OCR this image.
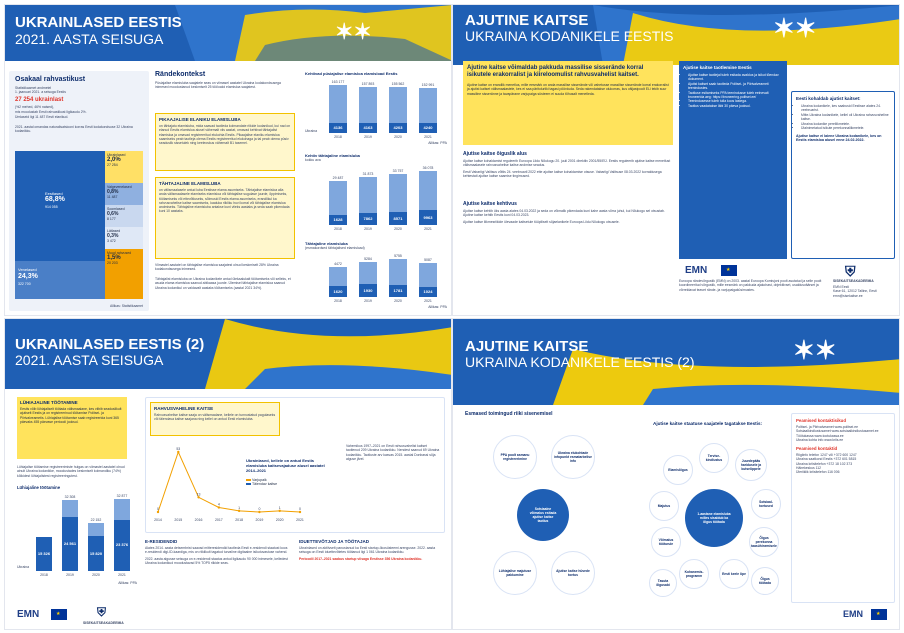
UKRAINLASED EESTIS
2021. AASTA SEISUGA	✶✶
Osakaal rahvastikust
Statistikaamet andmetel
1. jaanuari 2021. a seisuga Eestis
27 254 ukrainlast
(%2 mehed, 46% naised),
mis moodustab Eesti rahvastikust ligikaudu 2%.
Ümlaseid ligi 11 487 Eesti elanikud.
2021. aastal omandas naturalisatsiooni korras Eesti kodakondsuse 32 Ukraina kodanikku.
Eestlased
68,8%
914 055
Venelased
24,3%
322 700
Ukrainlased
2,0%
27 254
Valgevenelased
0,8%
11 487
Soomlased
0,6%
8 177
Lätlased
0,3%
3 472
Muud rahvused
1,5%
20 203
Allikas: Statistikaamet
Rändekontekst
Püsiajalise elamisluba saajatele seas on viimasel aastatel Ukraina kodakondsusega inimesed moodustanud keskmiselt 25 tööloaloi elamisloa saajatest.
PIKAAJALISE ELANIKU ELAMISLUBA
on tähtajatu elamisluba, mida saavad taotleda kolmandate riikide kodanikud, kui nad on elanud Eestis elamisloa alusel vähemalt viis aastat, omavad kehtivat tähtajalist elamisloa ja omavad registreeritud elukohta Eestis. Pikaajalise elaniku elamisloa saamiseks peab taotleja olema Eestis registreeritud elukohaga ja tal peab olema püsiv seaduslik sissetulek ning keeleoskus vähemalt B1 tasemel.
TÄHTAJALINE ELAMISLUBA
on välismaalasele antud luba Eestisse elama asumiseks. Tähtajalise elamisloa alla anda välismaalasele elamiseks elamisloa või tähtajalise sugulase juurde, õppimiseks, töötamiseks või ettevõtluseks, sõlmusid Eestis elama asumiseks, erandlikul ka rahvusvahelise kaitse saamiseks, kaaluka riikliku huvi korral või tähtajalise elamisloa andmiseks. Tähtajaline elamisluba antakse kuni viieks aastaks ja seda saab pikendada kuni 10 aastaks.
Viimastel aastatel on tähtajalise elamisloa saajatest olnud keskmiselt 28% Ukraina kodakondsusega inimesed.
Tähtajalist elamisluba on Ukraina kodanikele antud ülekaalukalt töötamiseks või selleks, et asuda elama elamisloa saanud abikaasa juurde. Ülemisel tähtajalise elamisloa saanud Ukraina kodanikul on valdavalt aastaks töötamiseks (aastal 2021 34%).
Kehtivad püsiajalise elamisloa elamisload Eestis
163 177
4136
2018
157 893
4163
2019
155 562
4203
2020
152 991
4240
2021
Ukraina
Allikas: PPA
Kehtiv tähtajaline elamisluba
kokku ava
29 487
1628
2018
31 873
7862
2019
33 757
8571
2020
36 078
9963
2021
Tähtajaline elamisluba
(esmakordsed tähtajalised elamisload)
4472
1620
2018
5284
1930
2019
5755
1781
2020
5087
1024
2021
Allikas: PPA
AJUTINE KAITSE
UKRAINA KODANIKELE EESTIS	✶✶
Ajutine kaitse võimaldab pakkuda massilise sisserände korral isikutele erakorralist ja kiireloomulist rahvusvahelist kaitset.
Ajutine kaitse on erandlik menetlus, mille eesmärk on anda massilise sisserände või vahetusse massilise sisserände korral erakorralist ja ajutist kaitset välismaalastele, kes ei saa päritoluriiki tagasi pöörduda. Seda rakendatakse olukorras, kus väljastpoolt ELi tekib suur massiline sisseränne ja tavapärane varjupaiga süsteem ei suuda tõhusalt menetleda.
Ajutise kaitse õiguslik alus
Ajutise kaitse kohaldamist reguleerib Euroopa Liidu Nõukogu 20. juuli 2001 direktiiv 2001/55/EÜ. Eestis reguleerib ajutise kaitse menetlust välismaalasele rahvusvahelise kaitse andmise seadus.
Eesti Vabariigi Valitsus võttis 24. veebruaril 2022 ette ajutise kaitse kohaldamise otsuse. Vabariigi Valitsuse 08.03.2022 korraldusega kehtestati ajutise kaitse saamise tingimused.
Ajutise kaitse kehtivus
Ajutise kaitse kehtib üks aasta alates 04.03.2022 ja seda on võimalik pikendada kuni kahe aasta võrra juhul, kui Nõukogu sel otsustab. Ajutine kaitse kehtib Eestis kuni 04.03.2023.
Ajutise kaitse liikmesriikide ülevaade kaitsetule tüüpiliselt sõjaelanikele Euroopa Liidu Nõukogu otsusele.
Ajutise kaitse taotlemine Eestis
• Ajutise kaitse taotlejal tuleb esitada avaldus ja isikut tõendav dokument.
• Ajutist kaitset saab taotleda Politsei- ja Piirivalveameti teenindustes.
• Taotluse esitamiseks PPA teenindusse tuleb eelnevalt broneerida aeg: https://broneering.politsei.ee/
• Teenindusesse tuleb tulla koos lastega.
• Taotlus vaadatakse läbi 30 päeva jooksul.
Eesti kohaldab ajutist kaitset:
• Ukraina kodanikele, kes saabusid Eestisse alates 24. veebruarist.
• Mitte-Ukraina kodanikele, kellel oli Ukraina rahvusvaheline kaitse.
• Ukraina kodanike pereliikmetele.
• Ülalnimetatud isikute perekonnaliikmetele.
Ajutise kaitse ei laiene Ukraina kodanikele, kes on Eestis elamisloa alusel enne 24.02.2022.
EMN	★
Euroopa rändevõrgustik (EMN) on 2003. aastal Euroopa Komisjoni poolt asutatud ja selle poolt koordineeritud võrgustik, mille eesmärk on pakkuda ajakohast, objektiivset, usaldusväärset ja võrreldavat teavet rände- ja varjupaigaküsimustes.
⛨
SISEKAITSEAKADEEMIA
EMN Eesti
Kase 61, 12012 Tallinn, Eesti
emn@sisekaitse.ee
UKRAINLASED EESTIS (2)
2021. AASTA SEISUGA
LÜHIAJALINE TÖÖTAMINE
Eestis võib lühiajaliselt töötada välismaalane, kes viibib seaduslikult ajutiselt Eestis ja on registreerinud töötamise Politsei- ja Piirivalveametis. Lühiajalise töötamise saab registreerida kuni 365 päevaks 455 päevase perioodi jooksul.
Lühiajalise töötamise registreerimiste hulgas on viimastel aastatel olnud ainult Ukraina kodanikke, moodustades keskmiselt kolmandiku (74%) kõikidest lühiajalistest registreeringutest.
Lühiajaline töötamine
15 326
2018
32 308
24 561
2019
22 152
15 820
2020
32 877
23 376
2021
Ukraina
Allikas: PPA
RAHVUSVAHELINE KAITSE
Rahvusvahelise kaitse saaja on välismaalane, kellele on tunnustatud pagulaseks või täiendava kaitse saajana ning kellel on antud Eesti elamisluba.
0
2014
53
2015
13
2016
4
2017
1
2018
0
2019
1
2020
0
2021
Ukrainlased, kellele on antud Eestis elamisluba kaitsevajaduse alusel aastatel 2014–2021
Varjupaik
Täiendav kaitse
Vahemikus 1997–2021 on Eesti rahvusvahelist kaitset taotlenud 209 Ukraina kodanikku. Nendest saanud 69 Ukraina kodanikku. Taotluste arv kasvas 2015. aastal Donbassi sõja alguse järel.
E-RESIDENDID
Alates 2014. aasta detsembrist saavad mitteresidendid taotleda Eesti e-residendi staatust koos e-residendi digi-ID-kaardiga, mis on riiklikult tagatud turvaline digitaalne isikutuvastuse vahend.
2022. aasta algusse seisuga on e-residendi staatus antud ligikaudu 90 000 inimesele, kelledest Ukraina kodanikud moodustavad 5% TOP5 riikide seas.
IDUETTEVÕTJAD JA TÖÖTAJAD
Ukrainlased on aktiivselt panustanud ka Eesti startup-ökosüsteemi arengusse. 2022. aasta seisuga on Eesti iduettevõtetes töötanud ligi 1 061 Ukraina kodanikku.
Perioodil 2017–2021 saabus startup viisaga Eestisse 356 Ukraina kodanikku.
EMN	★	⛨
SISEKAITSEAKADEEMIA
AJUTINE KAITSE
UKRAINA KODANIKELE EESTIS (2)	✶✶
Esmased toimingud riiki sisenemisel
Sotsiaalne
võimalus esitada
ajutise kaitse
taotlus
PPA poolt asmanu registreerimine
Ukraina elukohtade infopunkt esmatarbelise info
Lühiajalise majutuse pakkumine
Ajutise kaitse hüvede toetus
Ajutise kaitse staatuse saajatele tagatakse Eestis:
1-aastane elamisluba
milles sisaldub ka
õigus töötada
Tervise-kindlustus	Juurdepääs haridusele ja kutseõppele
Elamisõigus
Sotsiaal-toetused
Majutus
Õigus perekonna taasühinemisele
Võimalus tööturule
Eesti keele õpe
Kohanemis-programm
Tasuta õigusabi
Õigus töötada
Peamised kontaktisikud
Politsei- ja Piirivalveamet www.politsei.ee
Sotsiaalkindlustusamet www.sotsiaalkindlustusamet.ee
Töötukassa www.tootukassa.ee
Ukraina kohta info www.kriis.ee
Peamised kontaktid
Riigiinfo telefon 1247 või +372 600 1247
Ukraina saatkond Eestis +372 601 5815
Ukraina kriisitelefon +372 18 102 373
Häirekeskus 112
Üleriiklik kriisitelefon 116 006
EMN	★
